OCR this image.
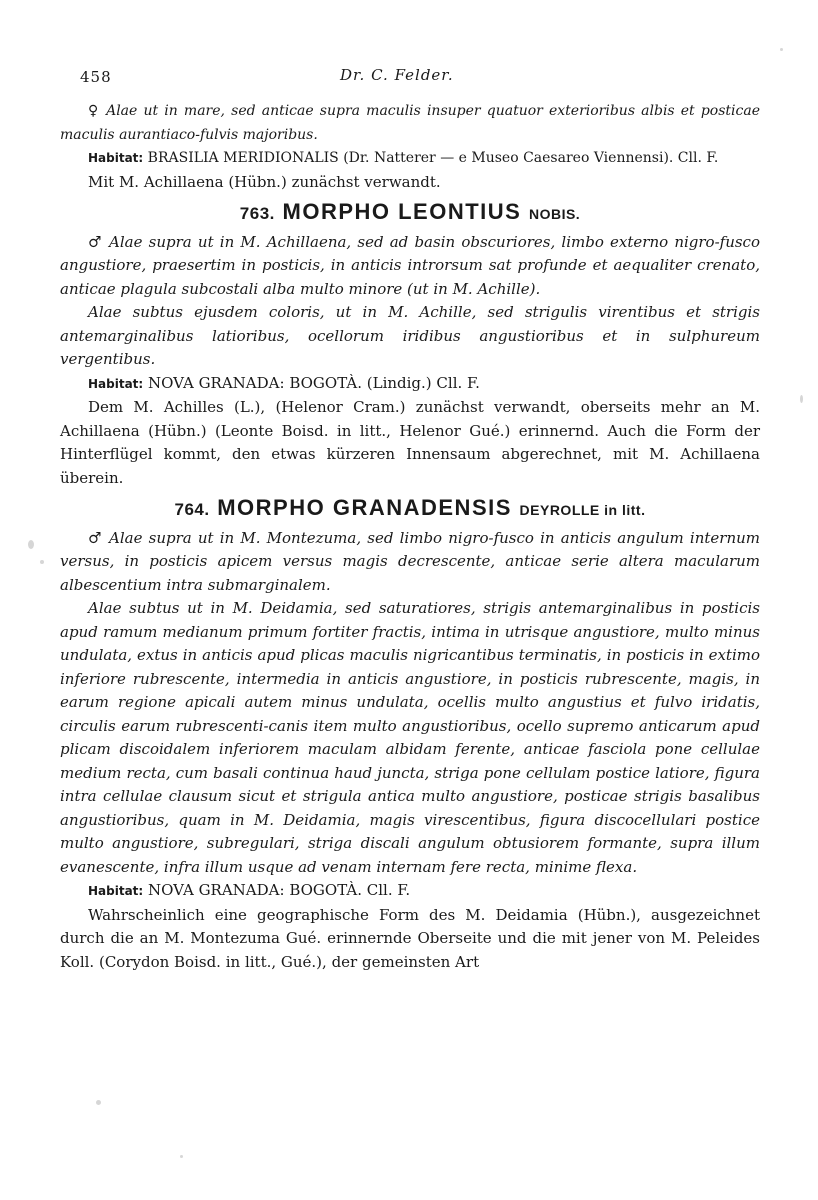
458	Dr. C. Felder.

♀ Alae ut in mare, sed anticae supra maculis insuper quatuor exterioribus albis et posticae maculis aurantiaco-fulvis majoribus.

Habitat: BRASILIA MERIDIONALIS (Dr. Natterer — e Museo Caesareo Viennensi). Cll. F.

Mit M. Achillaena (Hübn.) zunächst verwandt.

763. MORPHO LEONTIUS NOBIS.

♂ Alae supra ut in M. Achillaena, sed ad basin obscuriores, limbo externo nigro-fusco angustiore, praesertim in posticis, in anticis introrsum sat profunde et aequaliter crenato, anticae plagula subcostali alba multo minore (ut in M. Achille).

Alae subtus ejusdem coloris, ut in M. Achille, sed strigulis virentibus et strigis antemarginalibus latioribus, ocellorum iridibus angustioribus et in sulphureum vergentibus.

Habitat: NOVA GRANADA: BOGOTÀ. (Lindig.) Cll. F.

Dem M. Achilles (L.), (Helenor Cram.) zunächst verwandt, oberseits mehr an M. Achillaena (Hübn.) (Leonte Boisd. in litt., Helenor Gué.) erinnernd. Auch die Form der Hinterflügel kommt, den etwas kürzeren Innensaum abgerechnet, mit M. Achillaena überein.

764. MORPHO GRANADENSIS DEYROLLE in litt.

♂ Alae supra ut in M. Montezuma, sed limbo nigro-fusco in anticis angulum internum versus, in posticis apicem versus magis decrescente, anticae serie altera macularum albescentium intra submarginalem.

Alae subtus ut in M. Deidamia, sed saturatiores, strigis antemarginalibus in posticis apud ramum medianum primum fortiter fractis, intima in utrisque angustiore, multo minus undulata, extus in anticis apud plicas maculis nigricantibus terminatis, in posticis in extimo inferiore rubrescente, intermedia in anticis angustiore, in posticis rubrescente, magis, in earum regione apicali autem minus undulata, ocellis multo angustius et fulvo iridatis, circulis earum rubrescenti-canis item multo angustioribus, ocello supremo anticarum apud plicam discoidalem inferiorem maculam albidam ferente, anticae fasciola pone cellulae medium recta, cum basali continua haud juncta, striga pone cellulam postice latiore, figura intra cellulae clausum sicut et strigula antica multo angustiore, posticae strigis basalibus angustioribus, quam in M. Deidamia, magis virescentibus, figura discocellulari postice multo angustiore, subregulari, striga discali angulum obtusiorem formante, supra illum evanescente, infra illum usque ad venam internam fere recta, minime flexa.

Habitat: NOVA GRANADA: BOGOTÀ. Cll. F.

Wahrscheinlich eine geographische Form des M. Deidamia (Hübn.), ausgezeichnet durch die an M. Montezuma Gué. erinnernde Oberseite und die mit jener von M. Peleides Koll. (Corydon Boisd. in litt., Gué.), der gemeinsten Art
